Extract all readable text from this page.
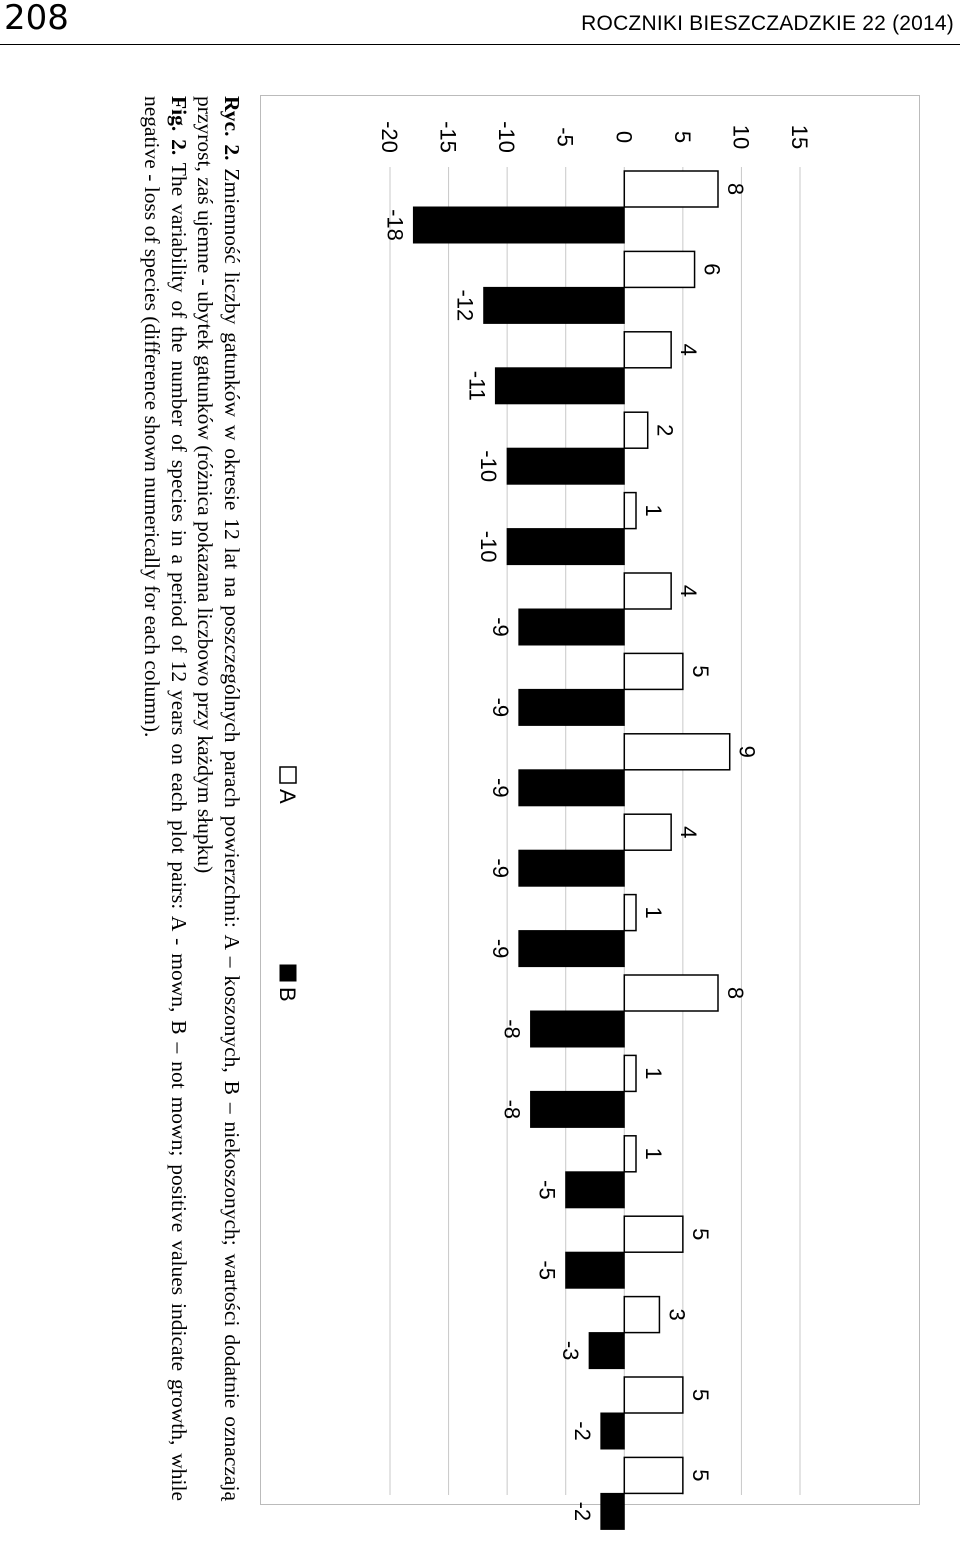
208	ROCZNIKI BIESZCZADZKIE 22 (2014)
-20 -15 -10 -5 0 5 10 15
8
-18
6
-12
4
-11
2
-10
1
-10
4
-9
5
-9
9
-9
4
-9
1
-9
8
-8
1
-8
1
-5
5
-5
3
-3
5
-2
5
-2
A
B

Ryc. 2. Zmienność liczby gatunków w okresie 12 lat na poszczególnych parach powierzchni: A – koszonych, B – niekoszonych; wartości dodatnie oznaczają przyrost, zaś ujemne - ubytek gatunków (różnica pokazana liczbowo przy każdym słupku)

Fig. 2. The variability of the number of species in a period of 12 years on each plot pairs: A - mown, B – not mown; positive values indicate growth, while negative - loss of species (difference shown numerically for each column).
